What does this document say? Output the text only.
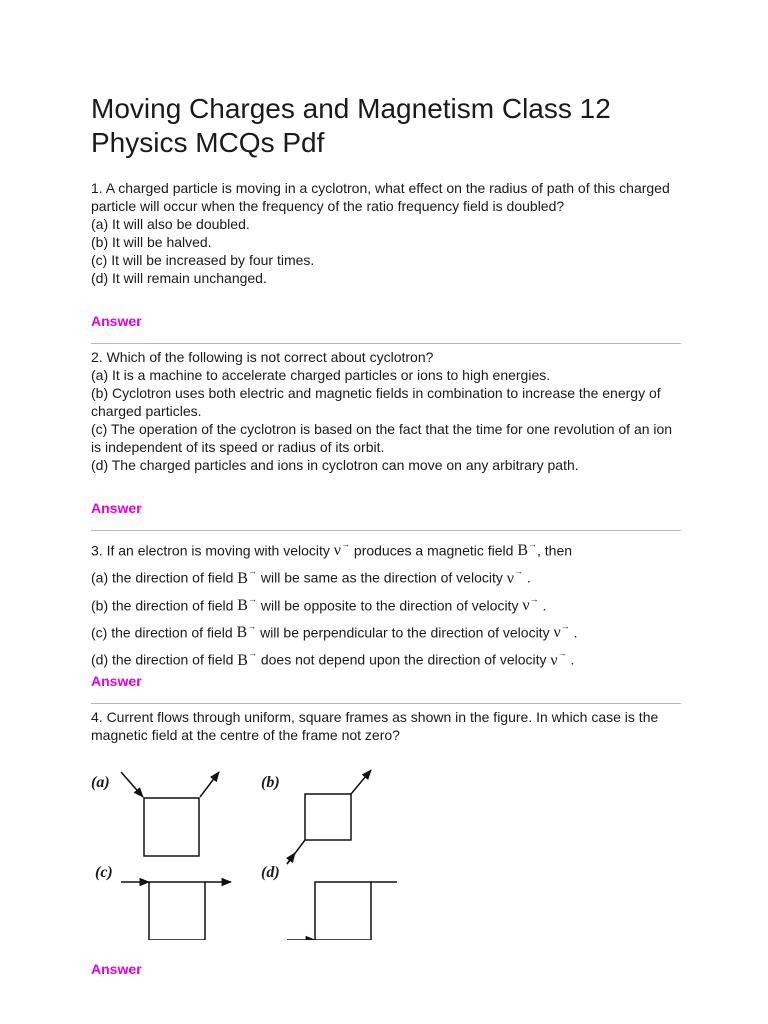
Moving Charges and Magnetism Class 12 Physics MCQs Pdf

1. A charged particle is moving in a cyclotron, what effect on the radius of path of this charged particle will occur when the frequency of the ratio frequency field is doubled?

(a) It will also be doubled.

(b) It will be halved.

(c) It will be increased by four times.

(d) It will remain unchanged.

Answer

2. Which of the following is not correct about cyclotron?

(a) It is a machine to accelerate charged particles or ions to high energies.

(b) Cyclotron uses both electric and magnetic fields in combination to increase the energy of charged particles.

(c) The operation of the cyclotron is based on the fact that the time for one revolution of an ion is independent of its speed or radius of its orbit.

(d) The charged particles and ions in cyclotron can move on any arbitrary path.

Answer

3. If an electron is moving with velocity ν→ produces a magnetic field B→, then

(a) the direction of field B→ will be same as the direction of velocity ν→ .

(b) the direction of field B→ will be opposite to the direction of velocity ν→ .

(c) the direction of field B→ will be perpendicular to the direction of velocity ν→ .

(d) the direction of field B→ does not depend upon the direction of velocity ν→ .

Answer

4. Current flows through uniform, square frames as shown in the figure. In which case is the magnetic field at the centre of the frame not zero?

(a)	(b)
(c)	(d)
Answer
